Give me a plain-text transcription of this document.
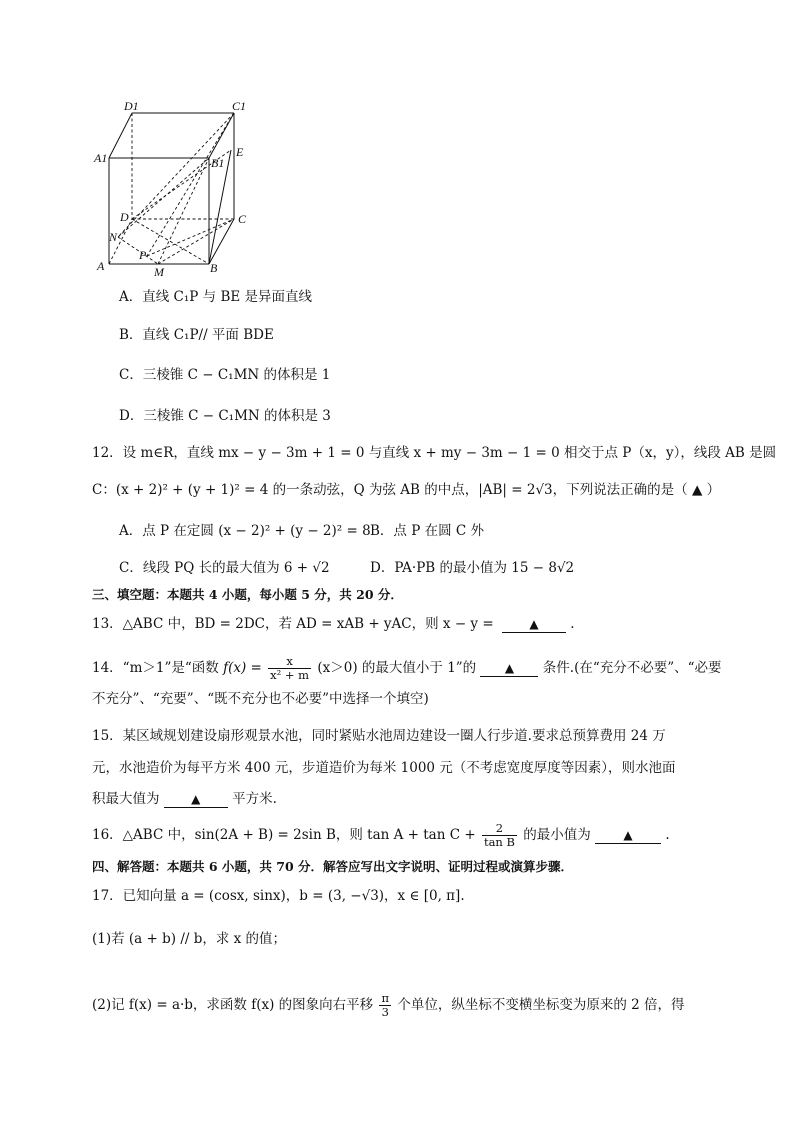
D1	C1
A1	B1
E
D	C
N
P
A	M	B
A．直线 C₁P 与 BE 是异面直线
B．直线 C₁P// 平面 BDE
C．三棱锥 C − C₁MN 的体积是 1
D．三棱锥 C − C₁MN 的体积是 3
12．设 m∈R，直线 mx − y − 3m + 1 = 0 与直线 x + my − 3m − 1 = 0 相交于点 P（x，y），线段 AB 是圆
C：(x + 2)² + (y + 1)² = 4 的一条动弦，Q 为弦 AB 的中点，|AB| = 2√3，下列说法正确的是（ ▲ ）
A．点 P 在定圆 (x − 2)² + (y − 2)² = 8 B．点 P 在圆 C 外
C．线段 PQ 长的最大值为 6 + √2	D．PA·PB 的最小值为 15 − 8√2
三、填空题：本题共 4 小题，每小题 5 分，共 20 分．
13．△ABC 中，BD = 2DC，若 AD = xAB + yAC，则 x − y =	▲ .
14．“m＞1”是“函数 $f(x) = \frac{x}{\text{x² + m}} (x>0)$ 的最大值小于 1”的 ▲ 条件.(在“充分不必要”、“必要
不充分”、“充要”、“既不充分也不必要”中选择一个填空)
15．某区域规划建设扇形观景水池，同时紧贴水池周边建设一圈人行步道.要求总预算费用 24 万
元，水池造价为每平方米 400 元，步道造价为每米 1000 元（不考虑宽度厚度等因素），则水池面
积最大值为	▲ 平方米.
16．△ABC 中，sin(2A + B) = 2sin B，则 $\tan A + \tan C + \frac{2}{\text{tan B}}$ 的最小值为	▲ .
四、解答题：本题共 6 小题，共 70 分．解答应写出文字说明、证明过程或演算步骤．
17．已知向量 a = (cosx, sinx)，b = (3, −√3)，x ∈ [0, π].
(1)若 (a + b) // b，求 x 的值；
(2)记 f(x) = a·b，求函数 f(x) 的图象向右平移 $\frac{\pi}{3}$ 个单位，纵坐标不变横坐标变为原来的 2 倍，得
